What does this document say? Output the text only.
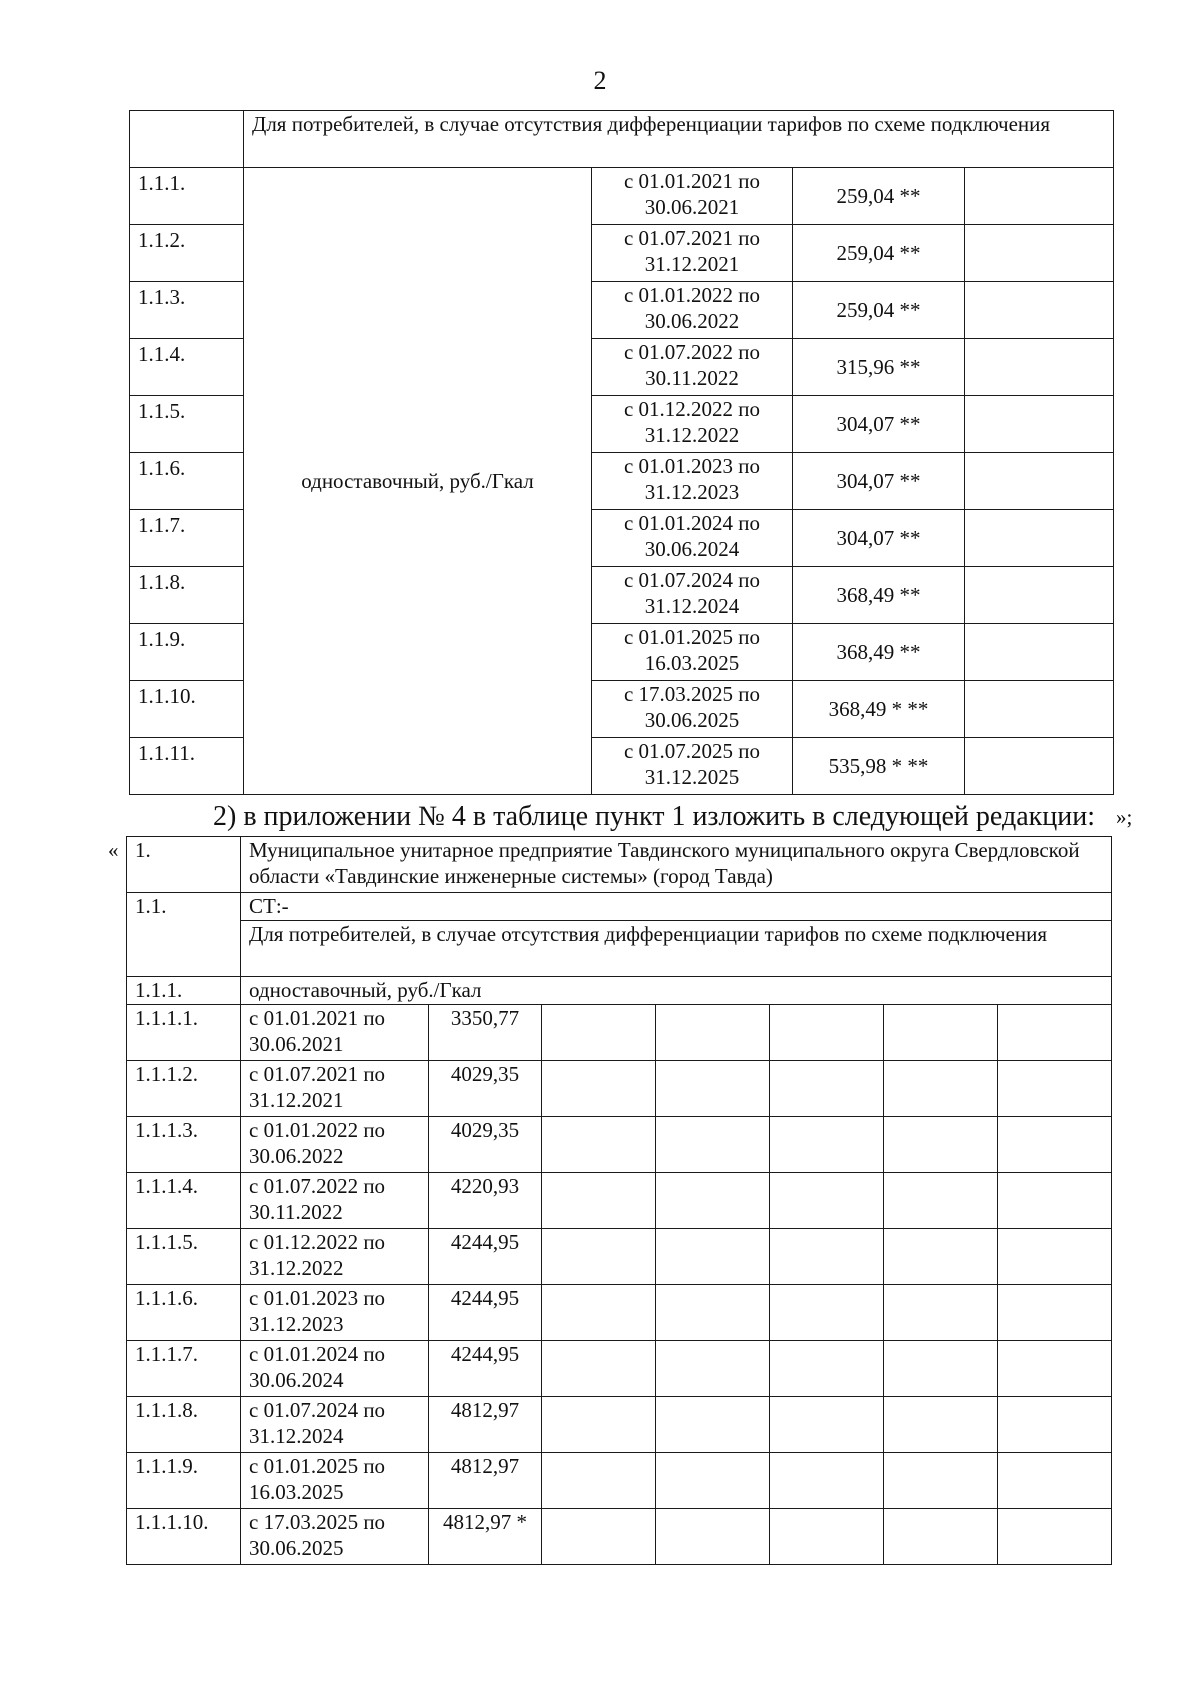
2
	Для потребителей, в случае отсутствия дифференциации тарифов по схеме подключения			
1.1.1.	одноставочный, руб./Гкал	с 01.01.2021 по 30.06.2021	259,04 **	
1.1.2.		с 01.07.2021 по 31.12.2021	259,04 **	
1.1.3.		с 01.01.2022 по 30.06.2022	259,04 **	
1.1.4.		с 01.07.2022 по 30.11.2022	315,96 **	
1.1.5.		с 01.12.2022 по 31.12.2022	304,07 **	
1.1.6.		с 01.01.2023 по 31.12.2023	304,07 **	
1.1.7.		с 01.01.2024 по 30.06.2024	304,07 **	
1.1.8.		с 01.07.2024 по 31.12.2024	368,49 **	
1.1.9.		с 01.01.2025 по 16.03.2025	368,49 **	
1.1.10.		с 17.03.2025 по 30.06.2025	368,49 * **	
1.1.11.		с 01.07.2025 по 31.12.2025	535,98 * **	
»;
2) в приложении № 4 в таблице пункт 1 изложить в следующей редакции:
« 1.	Муниципальное унитарное предприятие Тавдинского муниципального округа Свердловской области «Тавдинские инженерные системы» (город Тавда)						
1.1.	СТ:-						
	Для потребителей, в случае отсутствия дифференциации тарифов по схеме подключения						
1.1.1.	одноставочный, руб./Гкал						
1.1.1.1.	с 01.01.2021 по 30.06.2021	3350,77					
1.1.1.2.	с 01.07.2021 по 31.12.2021	4029,35					
1.1.1.3.	с 01.01.2022 по 30.06.2022	4029,35					
1.1.1.4.	с 01.07.2022 по 30.11.2022	4220,93					
1.1.1.5.	с 01.12.2022 по 31.12.2022	4244,95					
1.1.1.6.	с 01.01.2023 по 31.12.2023	4244,95					
1.1.1.7.	с 01.01.2024 по 30.06.2024	4244,95					
1.1.1.8.	с 01.07.2024 по 31.12.2024	4812,97					
1.1.1.9.	с 01.01.2025 по 16.03.2025	4812,97					
1.1.1.10.	с 17.03.2025 по 30.06.2025	4812,97 *					
